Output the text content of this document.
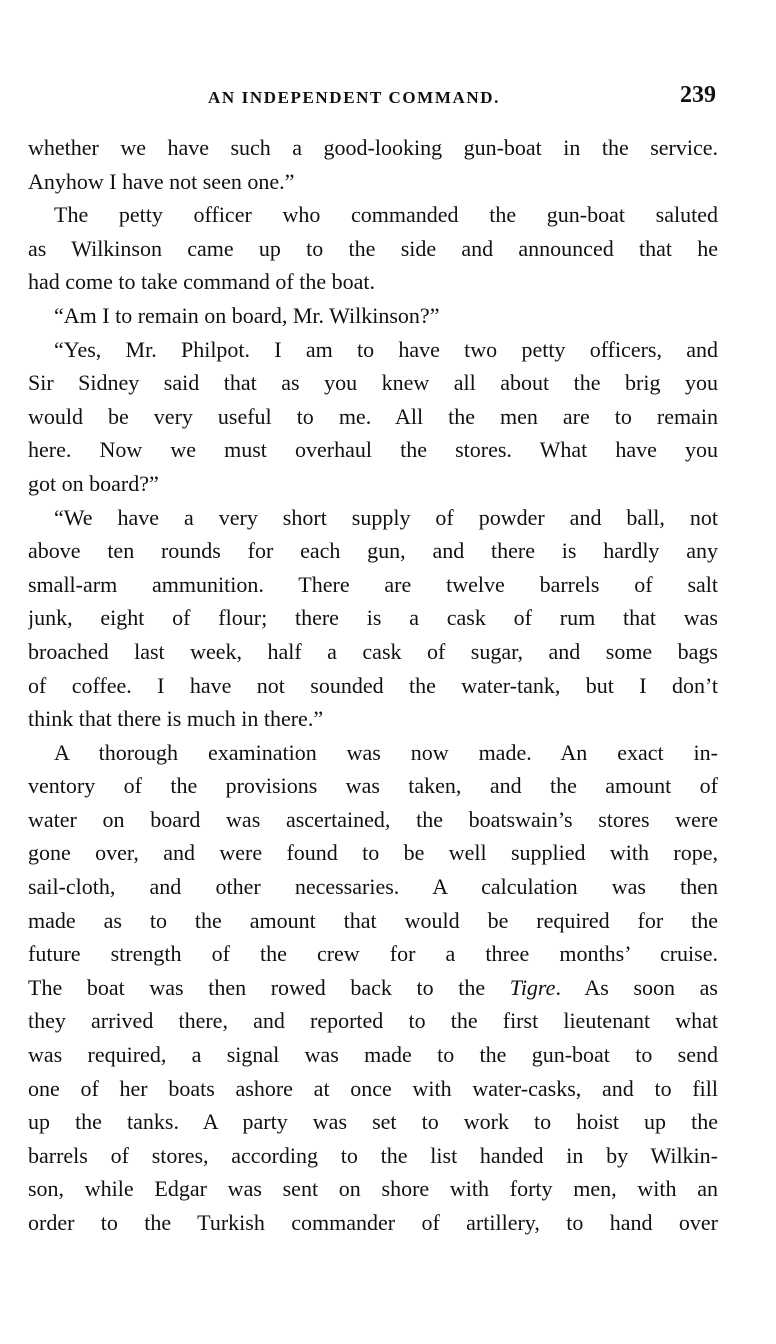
AN INDEPENDENT COMMAND.	239
whether we have such a good-looking gun-boat in the service.
Anyhow I have not seen one.”
The petty officer who commanded the gun-boat saluted
as Wilkinson came up to the side and announced that he
had come to take command of the boat.
“Am I to remain on board, Mr. Wilkinson?”
“Yes, Mr. Philpot. I am to have two petty officers, and
Sir Sidney said that as you knew all about the brig you
would be very useful to me. All the men are to remain
here. Now we must overhaul the stores. What have you
got on board?”
“We have a very short supply of powder and ball, not
above ten rounds for each gun, and there is hardly any
small-arm ammunition. There are twelve barrels of salt
junk, eight of flour; there is a cask of rum that was
broached last week, half a cask of sugar, and some bags
of coffee. I have not sounded the water-tank, but I don’t
think that there is much in there.”
A thorough examination was now made. An exact in-
ventory of the provisions was taken, and the amount of
water on board was ascertained, the boatswain’s stores were
gone over, and were found to be well supplied with rope,
sail-cloth, and other necessaries. A calculation was then
made as to the amount that would be required for the
future strength of the crew for a three months’ cruise.
The boat was then rowed back to the Tigre. As soon as
they arrived there, and reported to the first lieutenant what
was required, a signal was made to the gun-boat to send
one of her boats ashore at once with water-casks, and to fill
up the tanks. A party was set to work to hoist up the
barrels of stores, according to the list handed in by Wilkin-
son, while Edgar was sent on shore with forty men, with an
order to the Turkish commander of artillery, to hand over
